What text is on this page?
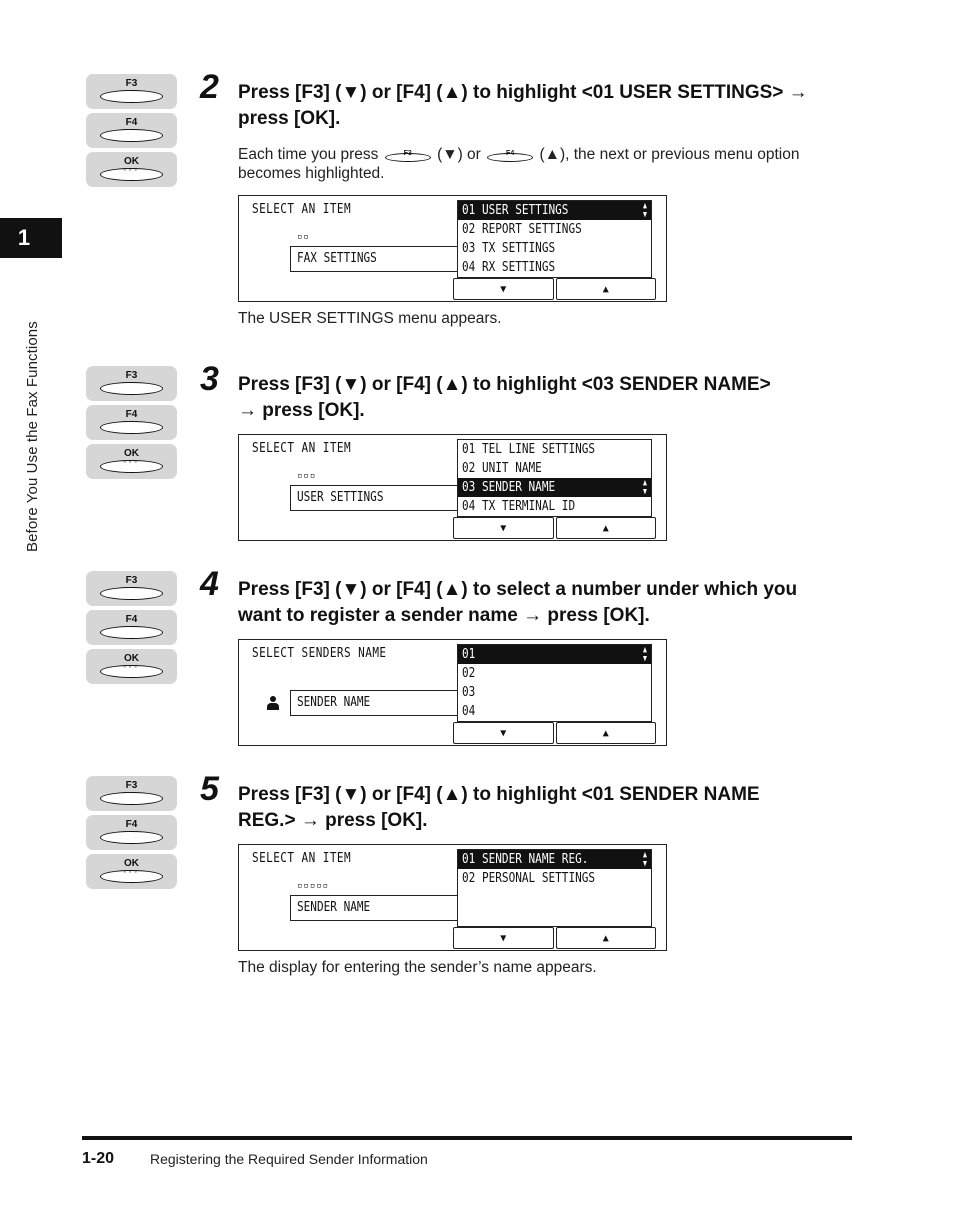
1
Before You Use the Fax Functions
F3
F4
OK
◦◦◦
2 Press [F3] (▼) or [F4] (▲) to highlight <01 USER SETTINGS> →
press [OK].
Each time you press	F3	(▼) or	F4	(▲), the next or previous menu option becomes highlighted.
SELECT AN ITEM
▫▫
FAX SETTINGS
01 USER SETTINGS	▲
▼
02 REPORT SETTINGS
03 TX SETTINGS
04 RX SETTINGS
▼	▲
The USER SETTINGS menu appears.
F3
F4
OK
◦◦◦
3 Press [F3] (▼) or [F4] (▲) to highlight <03 SENDER NAME>
→ press [OK].
SELECT AN ITEM
▫▫▫
USER SETTINGS
01 TEL LINE SETTINGS
02 UNIT NAME
03 SENDER NAME	▲
▼
04 TX TERMINAL ID
▼	▲
F3
F4
OK
◦◦◦
4 Press [F3] (▼) or [F4] (▲) to select a number under which you
want to register a sender name → press [OK].
SELECT SENDERS NAME
SENDER NAME
01	▲
▼
02
03
04
▼	▲
F3
F4
OK
◦◦◦
5 Press [F3] (▼) or [F4] (▲) to highlight <01 SENDER NAME
REG.> → press [OK].
SELECT AN ITEM
▫▫▫▫▫
SENDER NAME
01 SENDER NAME REG.	▲
▼
02 PERSONAL SETTINGS
▼	▲
The display for entering the sender’s name appears.
1-20	Registering the Required Sender Information
